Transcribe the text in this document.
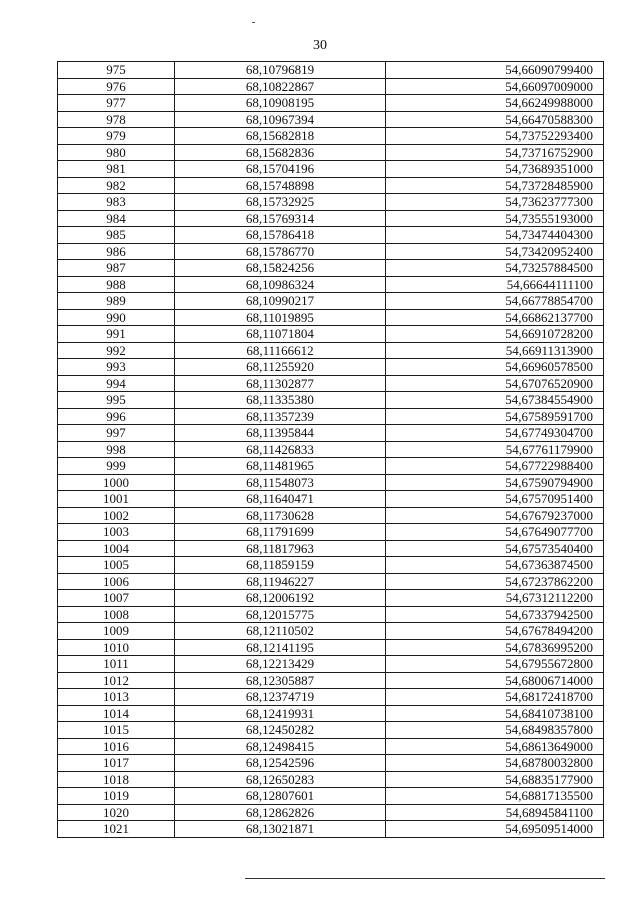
30
975	68,10796819	54,66090799400
976	68,10822867	54,66097009000
977	68,10908195	54,66249988000
978	68,10967394	54,66470588300
979	68,15682818	54,73752293400
980	68,15682836	54,73716752900
981	68,15704196	54,73689351000
982	68,15748898	54,73728485900
983	68,15732925	54,73623777300
984	68,15769314	54,73555193000
985	68,15786418	54,73474404300
986	68,15786770	54,73420952400
987	68,15824256	54,73257884500
988	68,10986324	54,66644111100
989	68,10990217	54,66778854700
990	68,11019895	54,66862137700
991	68,11071804	54,66910728200
992	68,11166612	54,66911313900
993	68,11255920	54,66960578500
994	68,11302877	54,67076520900
995	68,11335380	54,67384554900
996	68,11357239	54,67589591700
997	68,11395844	54,67749304700
998	68,11426833	54,67761179900
999	68,11481965	54,67722988400
1000	68,11548073	54,67590794900
1001	68,11640471	54,67570951400
1002	68,11730628	54,67679237000
1003	68,11791699	54,67649077700
1004	68,11817963	54,67573540400
1005	68,11859159	54,67363874500
1006	68,11946227	54,67237862200
1007	68,12006192	54,67312112200
1008	68,12015775	54,67337942500
1009	68,12110502	54,67678494200
1010	68,12141195	54,67836995200
1011	68,12213429	54,67955672800
1012	68,12305887	54,68006714000
1013	68,12374719	54,68172418700
1014	68,12419931	54,68410738100
1015	68,12450282	54,68498357800
1016	68,12498415	54,68613649000
1017	68,12542596	54,68780032800
1018	68,12650283	54,68835177900
1019	68,12807601	54,68817135500
1020	68,12862826	54,68945841100
1021	68,13021871	54,69509514000
